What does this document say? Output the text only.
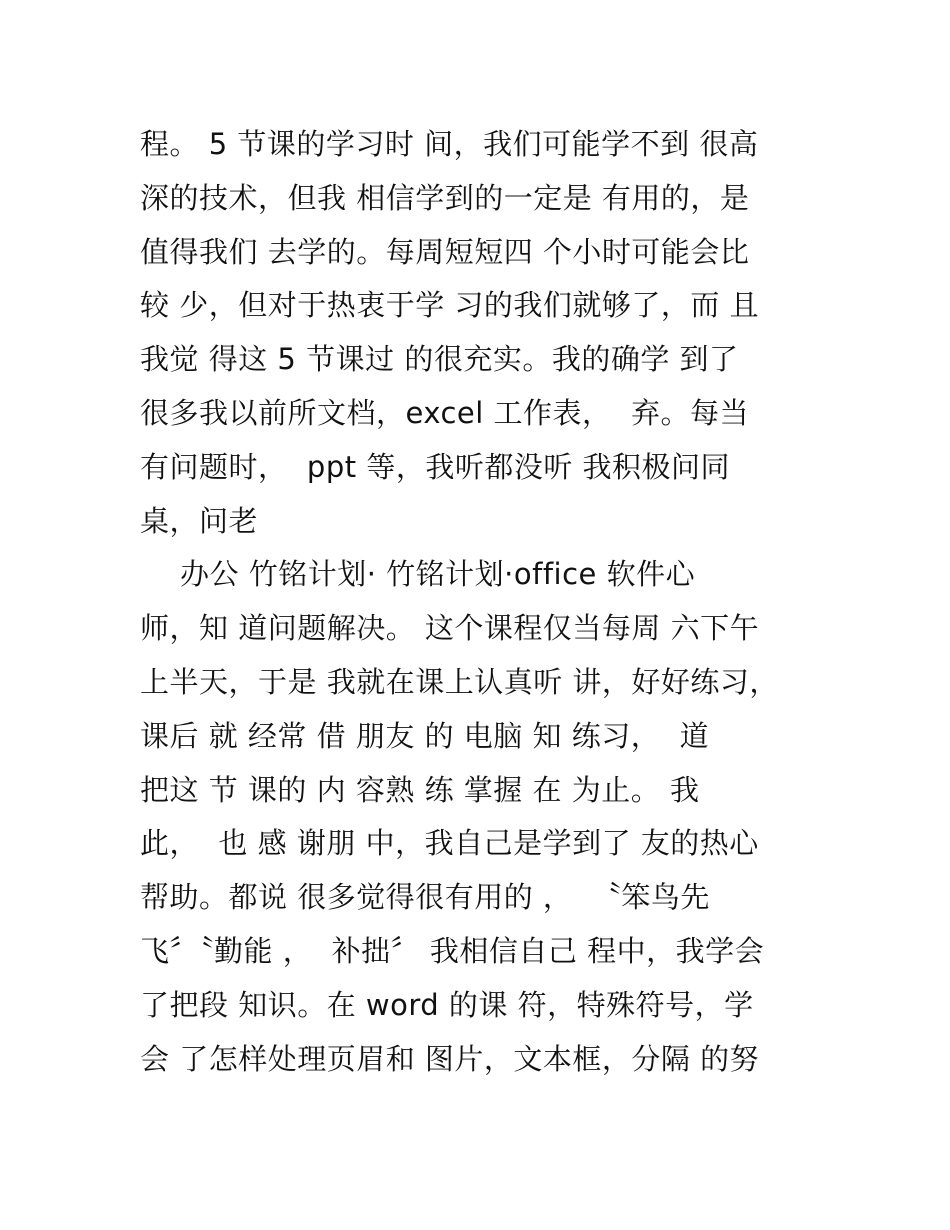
程。 5 节课的学习时 间，我们可能学不到 很高
深的技术，但我 相信学到的一定是 有用的，是
值得我们 去学的。每周短短四 个小时可能会比
较 少，但对于热衷于学 习的我们就够了，而 且
我觉 得这 5 节课过 的很充实。我的确学 到了
很多我以前所文档，excel 工作表，  弃。每当
有问题时，  ppt 等，我听都没听 我积极问同
桌，问老
办公 竹铭计划· 竹铭计划·office 软件心
师，知 道问题解决。 这个课程仅当每周 六下午
上半天，于是 我就在课上认真听 讲，好好练习，
课后 就 经常 借 朋友 的 电脑 知 练习，  道
把这 节 课的 内 容熟 练 掌握 在 为止。 我
此，  也 感 谢朋 中，我自己是学到了 友的热心
帮助。都说 很多觉得很有用的 ，  〝笨鸟先
飞〞〝勤能 ，  补拙〞 我相信自己 程中，我学会
了把段 知识。在 word 的课 符，特殊符号，学
会 了怎样处理页眉和 图片，文本框，分隔 的努
